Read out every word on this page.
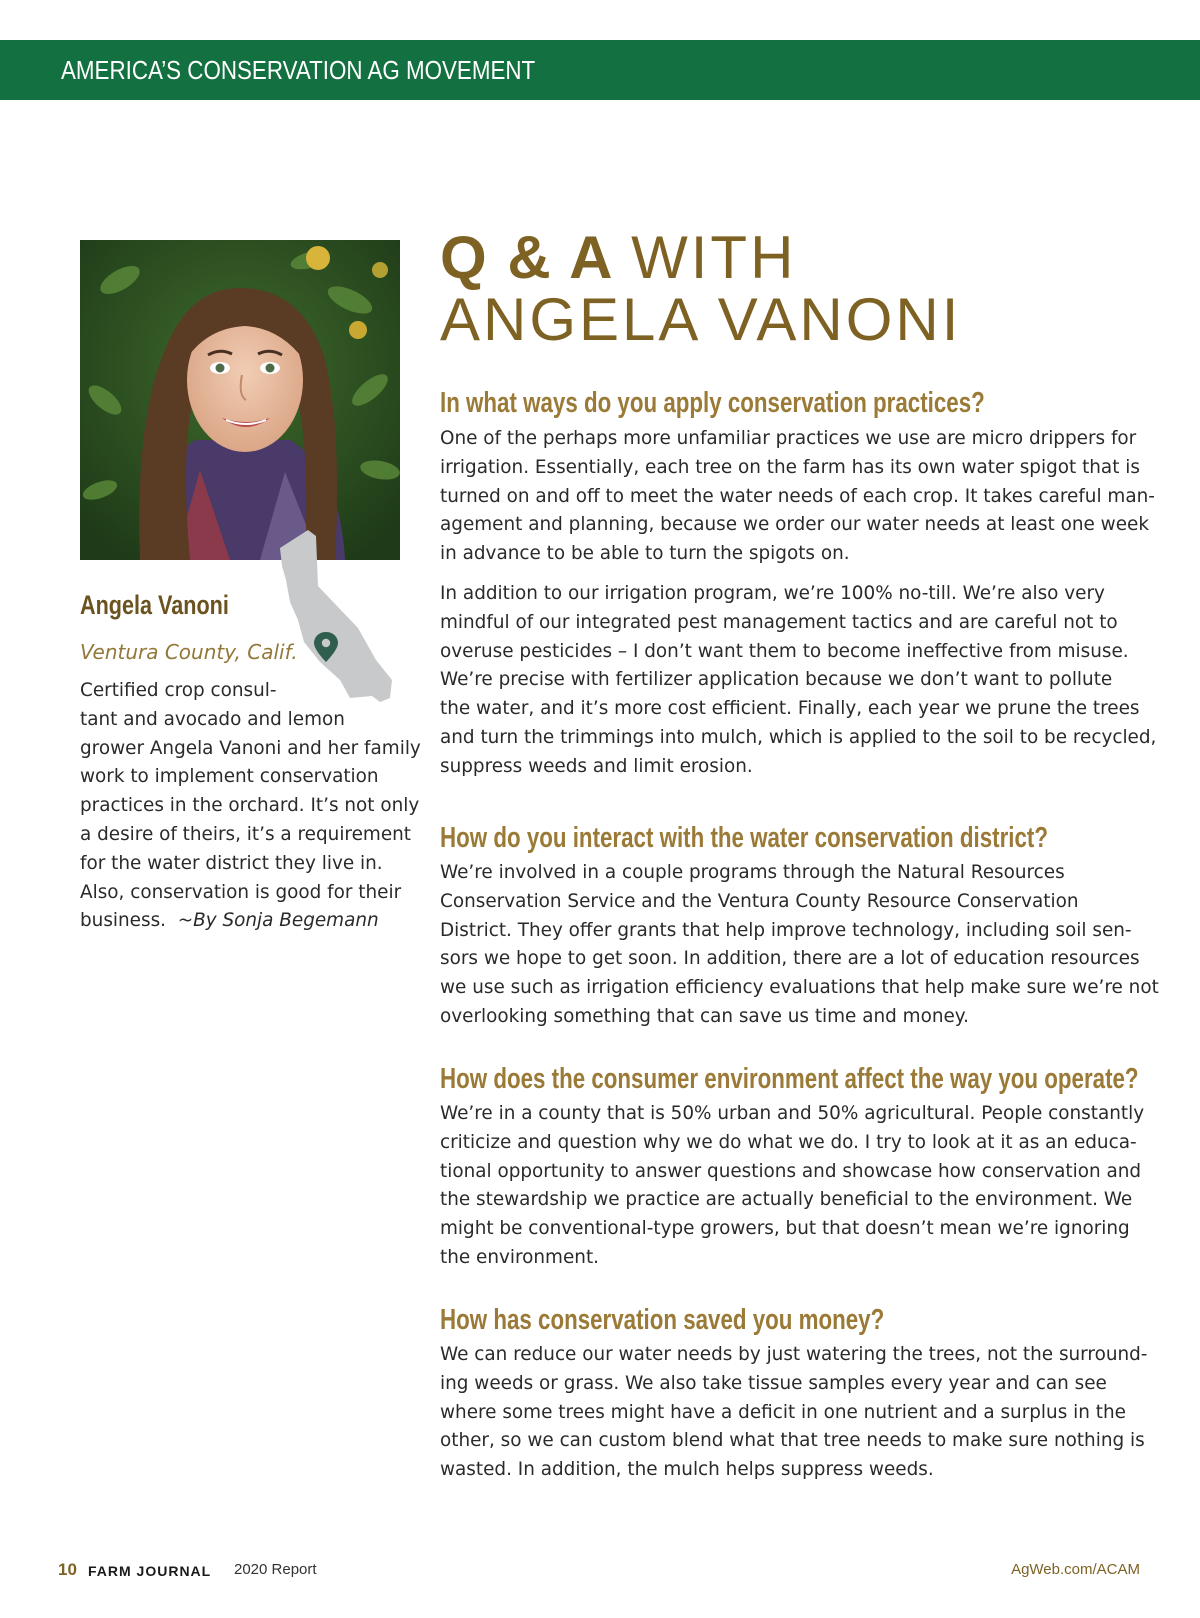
AMERICA’S CONSERVATION AG MOVEMENT
Angela Vanoni
Ventura County, Calif.

Certified crop consul-
tant and avocado and lemon
grower Angela Vanoni and her family
work to implement conservation
practices in the orchard. It’s not only
a desire of theirs, it’s a requirement
for the water district they live in.
Also, conservation is good for their
business. ~By Sonja Begemann

Q & A WITH
ANGELA VANONI
In what ways do you apply conservation practices?

One of the perhaps more unfamiliar practices we use are micro drippers for
irrigation. Essentially, each tree on the farm has its own water spigot that is
turned on and off to meet the water needs of each crop. It takes careful man-
agement and planning, because we order our water needs at least one week
in advance to be able to turn the spigots on.

In addition to our irrigation program, we’re 100% no-till. We’re also very
mindful of our integrated pest management tactics and are careful not to
overuse pesticides – I don’t want them to become ineffective from misuse.
We’re precise with fertilizer application because we don’t want to pollute
the water, and it’s more cost efficient. Finally, each year we prune the trees
and turn the trimmings into mulch, which is applied to the soil to be recycled,
suppress weeds and limit erosion.

How do you interact with the water conservation district?

We’re involved in a couple programs through the Natural Resources
Conservation Service and the Ventura County Resource Conservation
District. They offer grants that help improve technology, including soil sen-
sors we hope to get soon. In addition, there are a lot of education resources
we use such as irrigation efficiency evaluations that help make sure we’re not
overlooking something that can save us time and money.

How does the consumer environment affect the way you operate?

We’re in a county that is 50% urban and 50% agricultural. People constantly
criticize and question why we do what we do. I try to look at it as an educa-
tional opportunity to answer questions and showcase how conservation and
the stewardship we practice are actually beneficial to the environment. We
might be conventional-type growers, but that doesn’t mean we’re ignoring
the environment.

How has conservation saved you money?

We can reduce our water needs by just watering the trees, not the surround-
ing weeds or grass. We also take tissue samples every year and can see
where some trees might have a deficit in one nutrient and a surplus in the
other, so we can custom blend what that tree needs to make sure nothing is
wasted. In addition, the mulch helps suppress weeds.

10 FARM JOURNAL 2020 Report	AgWeb.com/ACAM
